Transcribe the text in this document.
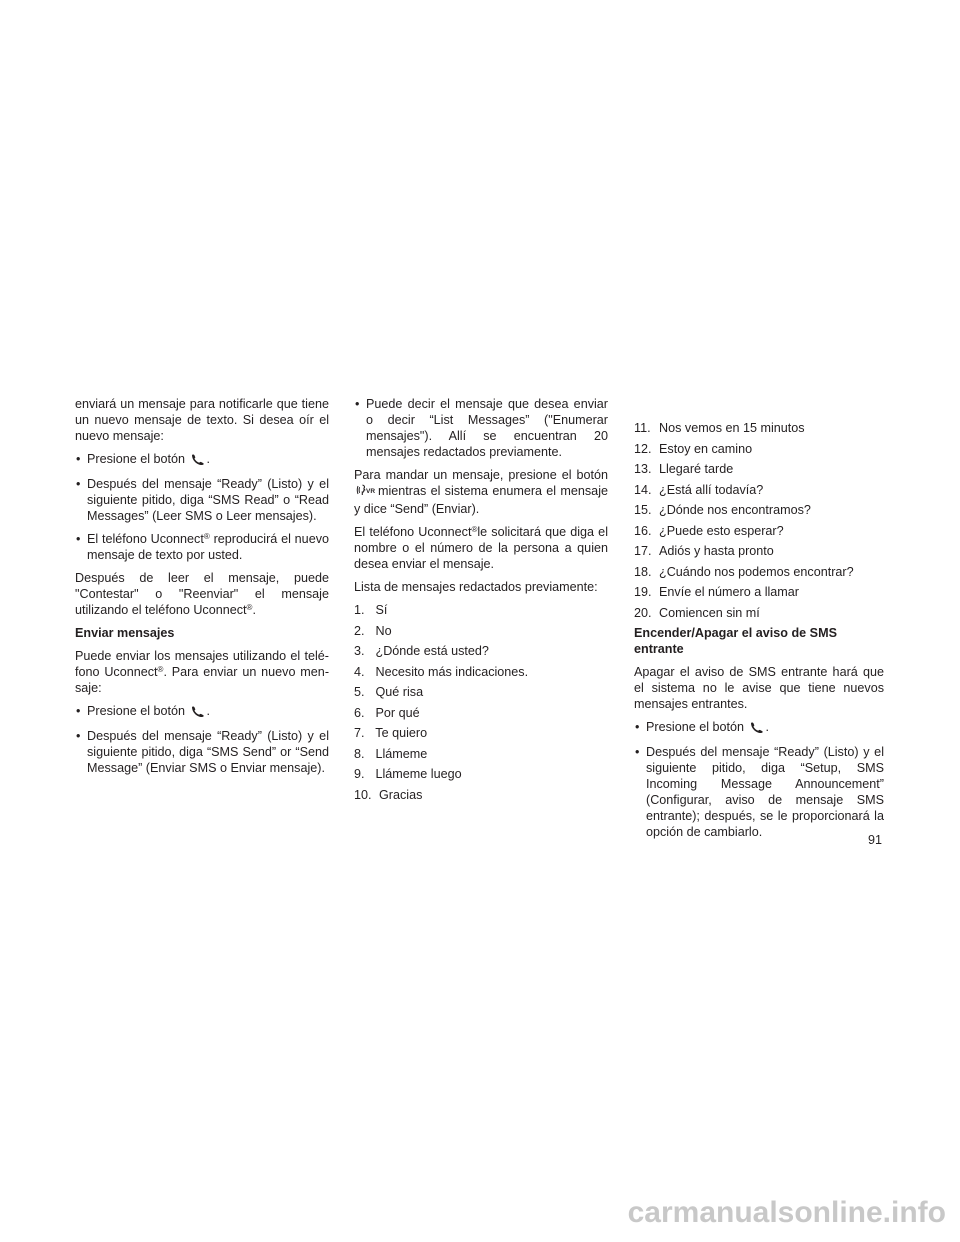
enviará un mensaje para notificarle que tiene un nuevo mensaje de texto. Si desea oír el nuevo mensaje:

• Presione el botón .
• Después del mensaje “Ready” (Listo) y el siguiente pitido, diga “SMS Read” o “Read Messages” (Leer SMS o Leer mensajes).
• El teléfono Uconnect® reproducirá el nuevo mensaje de texto por usted.

Después de leer el mensaje, puede "Contestar" o "Reenviar" el mensaje utilizando el teléfono Uconnect®.

Enviar mensajes

Puede enviar los mensajes utilizando el teléfono Uconnect®. Para enviar un nuevo mensaje:

• Presione el botón .
• Después del mensaje “Ready” (Listo) y el siguiente pitido, diga “SMS Send” or “Send Message” (Enviar SMS o Enviar mensaje).
• Puede decir el mensaje que desea enviar o decir “List Messages” ("Enumerar mensajes"). Allí se encuentran 20 mensajes redactados previamente.

Para mandar un mensaje, presione el botón
VR mientras el sistema enumera el mensaje y dice “Send” (Enviar).

El teléfono Uconnect®le solicitará que diga el nombre o el número de la persona a quien desea enviar el mensaje.

Lista de mensajes redactados previamente:

1. Sí
2. No
3. ¿Dónde está usted?
4. Necesito más indicaciones.
5. Qué risa
6. Por qué
7. Te quiero
8. Llámeme
9. Llámeme luego
10. Gracias
11. Nos vemos en 15 minutos
12. Estoy en camino
13. Llegaré tarde
14. ¿Está allí todavía?
15. ¿Dónde nos encontramos?
16. ¿Puede esto esperar?
17. Adiós y hasta pronto
18. ¿Cuándo nos podemos encontrar?
19. Envíe el número a llamar
20. Comiencen sin mí
Encender/Apagar el aviso de SMS entrante

Apagar el aviso de SMS entrante hará que el sistema no le avise que tiene nuevos mensajes entrantes.

• Presione el botón .
• Después del mensaje “Ready” (Listo) y el siguiente pitido, diga “Setup, SMS Incoming Message Announcement” (Configurar, aviso de mensaje SMS entrante); después, se le proporcionará la opción de cambiarlo.
91
carmanualsonline.info
